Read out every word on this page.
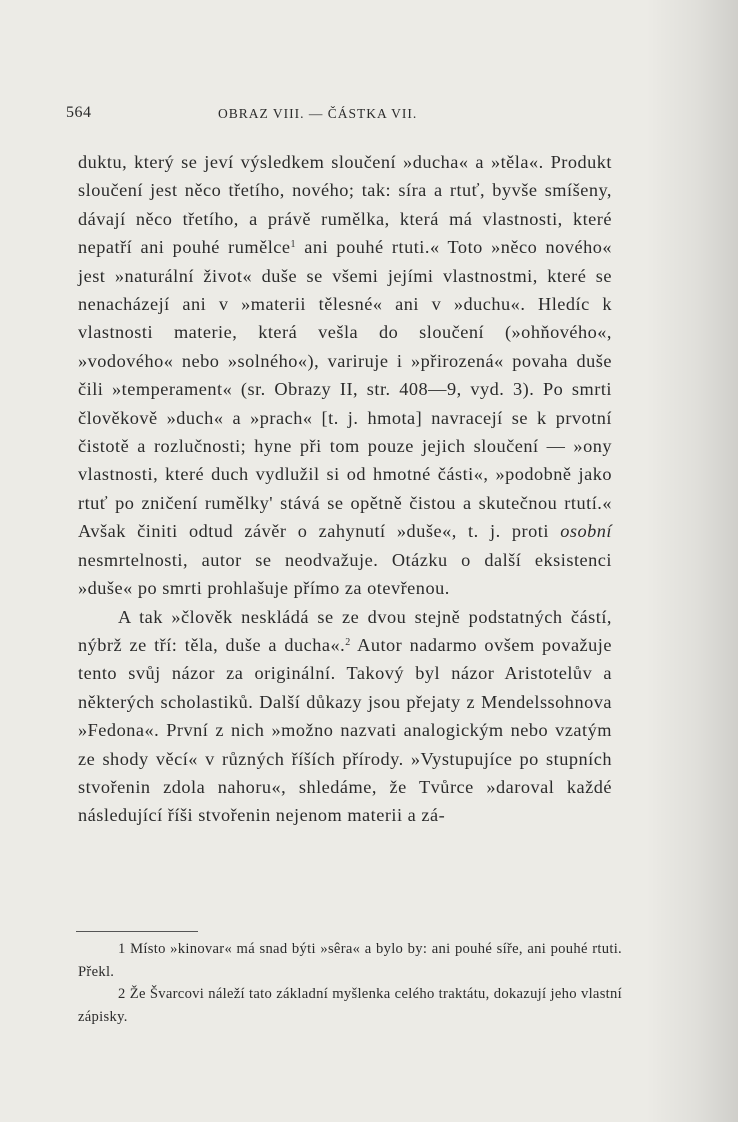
564	OBRAZ VIII. — ČÁSTKA VII.

duktu, který se jeví výsledkem sloučení »ducha« a »těla«. Produkt sloučení jest něco třetího, nového; tak: síra a rtuť, byvše smíšeny, dávají něco třetího, a právě rumělka, která má vlastnosti, které nepatří ani pouhé rumělce$^1$ ani pouhé rtuti.« Toto »něco nového« jest »naturální život« duše se všemi jejími vlastnostmi, které se nenacházejí ani v »materii tělesné« ani v »duchu«. Hledíc k vlastnosti materie, která vešla do sloučení (»ohňového«, »vodového« nebo »solného«), variruje i »přirozená« povaha duše čili »temperament« (sr. Obrazy II, str. 408—9, vyd. 3). Po smrti člověkově »duch« a »prach« [t. j. hmota] navracejí se k prvotní čistotě a rozlučnosti; hyne při tom pouze jejich sloučení — »ony vlastnosti, které duch vydlužil si od hmotné části«, »podobně jako rtuť po zničení rumělky' stává se opětně čistou a skutečnou rtutí.« Avšak činiti odtud závěr o zahynutí »duše«, t. j. proti osobní nesmrtelnosti, autor se neodvažuje. Otázku o další eksistenci »duše« po smrti prohlašuje přímo za otevřenou.

A tak »člověk neskládá se ze dvou stejně podstatných částí, nýbrž ze tří: těla, duše a ducha«.$^2$ Autor nadarmo ovšem považuje tento svůj názor za originální. Takový byl názor Aristotelův a některých scholastiků. Další důkazy jsou přejaty z Mendelssohnova »Fedona«. První z nich »možno nazvati analogickým nebo vzatým ze shody věcí« v různých říších přírody. »Vystupujíce po stupních stvořenin zdola nahoru«, shledáme, že Tvůrce »daroval každé následující říši stvořenin nejenom materii a zá-

1 Místo »kinovar« má snad býti »sêra« a bylo by: ani pouhé síře, ani pouhé rtuti. Překl.

2 Že Švarcovi náleží tato základní myšlenka celého traktátu, dokazují jeho vlastní zápisky.
